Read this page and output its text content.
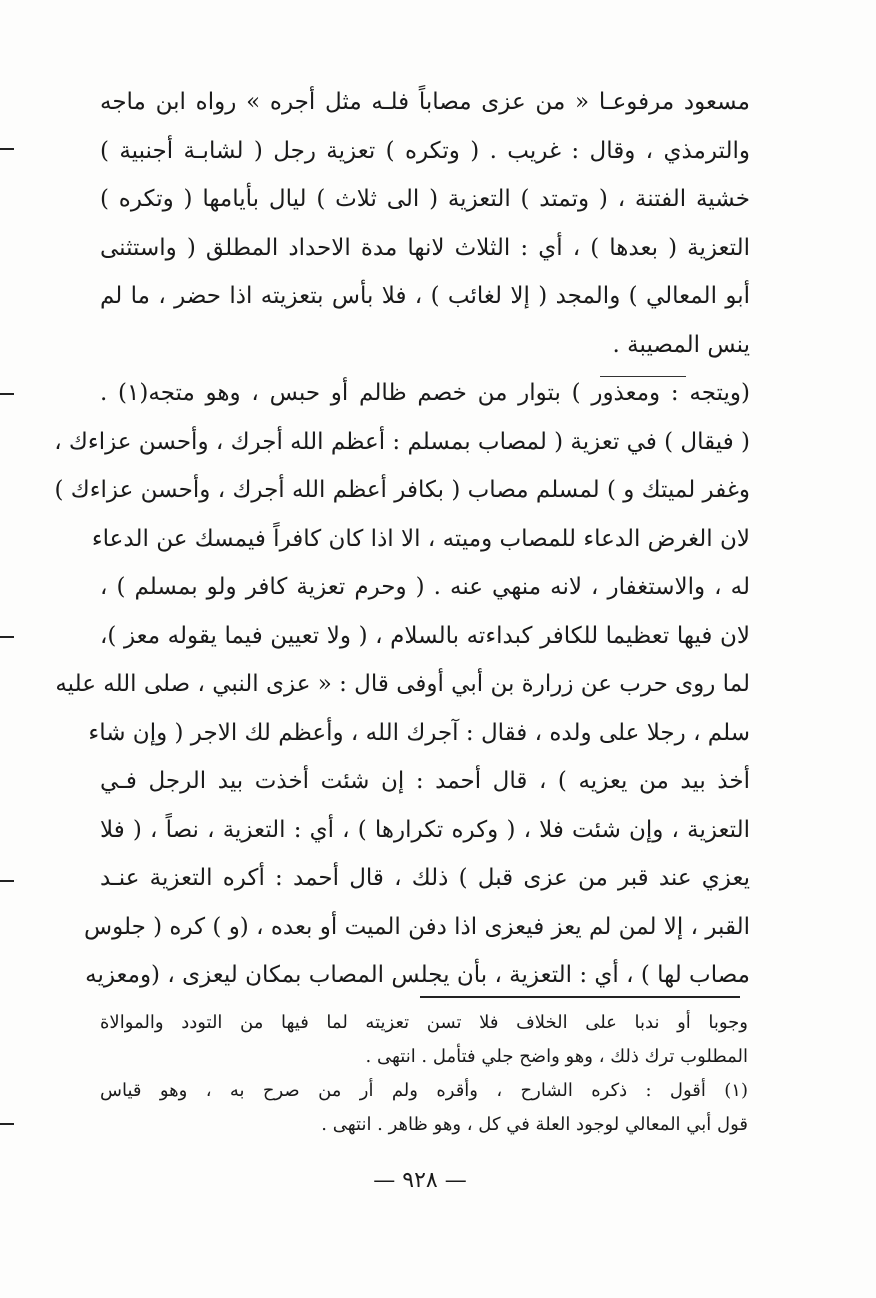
مسعود مرفوعـا « من عزى مصاباً فلـه مثل أجره » رواه ابن ماجه
والترمذي ، وقال : غريب . ( وتكره ) تعزية رجل ( لشابـة أجنبية )
خشية الفتنة ، ( وتمتد ) التعزية ( الى ثلاث ) ليال بأيامها ( وتكره )
التعزية ( بعدها ) ، أي : الثلاث لانها مدة الاحداد المطلق ( واستثنى
أبو المعالي ) والمجد ( إلا لغائب ) ، فلا بأس بتعزيته اذا حضر ، ما لم
ينس المصيبة .
(ويتجه : ومعذور ) بتوار من خصم ظالم أو حبس ، وهو متجه(١) .
( فيقال ) في تعزية ( لمصاب بمسلم : أعظم الله أجرك ، وأحسن عزاءك ،
وغفر لميتك و ) لمسلم مصاب ( بكافر أعظم الله أجرك ، وأحسن عزاءك )
لان الغرض الدعاء للمصاب وميته ، الا اذا كان كافراً فيمسك عن الدعاء
له ، والاستغفار ، لانه منهي عنه . ( وحرم تعزية كافر ولو بمسلم ) ،
لان فيها تعظيما للكافر كبداءته بالسلام ، ( ولا تعيين فيما يقوله معز )،
لما روى حرب عن زرارة بن أبي أوفى قال : « عزى النبي ، صلى الله عليه
سلم ، رجلا على ولده ، فقال : آجرك الله ، وأعظم لك الاجر ( وإن شاء
أخذ بيد من يعزيه ) ، قال أحمد : إن شئت أخذت بيد الرجل فـي
التعزية ، وإن شئت فلا ، ( وكره تكرارها ) ، أي : التعزية ، نصاً ، ( فلا
يعزي عند قبر من عزى قبل ) ذلك ، قال أحمد : أكره التعزية عنـد
القبر ، إلا لمن لم يعز فيعزى اذا دفن الميت أو بعده ، (و ) كره ( جلوس
مصاب لها ) ، أي : التعزية ، بأن يجلس المصاب بمكان ليعزى ، (ومعزيه
وجوبا أو ندبا على الخلاف فلا تسن تعزيته لما فيها من التودد والموالاة
المطلوب ترك ذلك ، وهو واضح جلي فتأمل . انتهى .
(١) أقول : ذكره الشارح ، وأقره ولم أر من صرح به ، وهو قياس
قول أبي المعالي لوجود العلة في كل ، وهو ظاهر . انتهى .
— ٩٢٨ —
